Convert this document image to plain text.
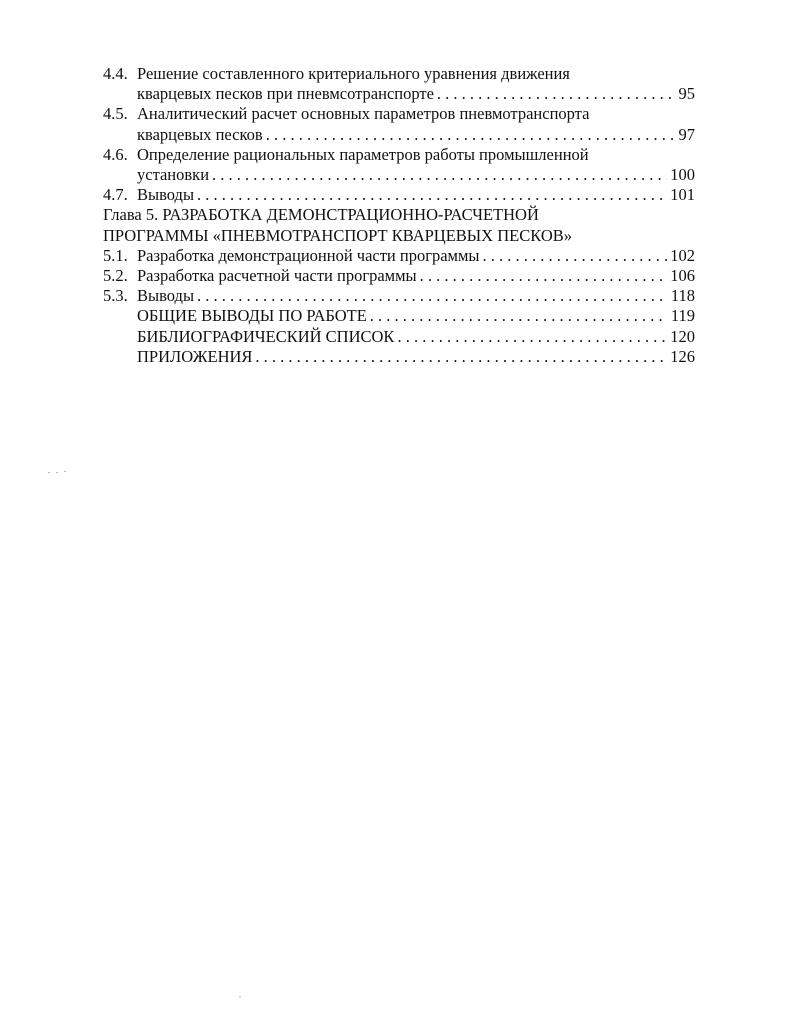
4.4. Решение составленного критериального уравнения движения
кварцевых песков при пневмсотранспорте . . .	95
4.5. Аналитический расчет основных параметров пневмотранспорта
кварцевых песков . . .	97
4.6. Определение рациональных параметров работы промышленной
установки . . .	100
4.7. Выводы . . .	101
Глава 5. РАЗРАБОТКА ДЕМОНСТРАЦИОННО-РАСЧЕТНОЙ
ПРОГРАММЫ «ПНЕВМОТРАНСПОРТ КВАРЦЕВЫХ ПЕСКОВ»
5.1. Разработка демонстрационной части программы . . .	102
5.2. Разработка расчетной части программы . . .	106
5.3. Выводы . . .	118
ОБЩИЕ ВЫВОДЫ ПО РАБОТЕ . . .	119
БИБЛИОГРАФИЧЕСКИЙ СПИСОК . . .	120
ПРИЛОЖЕНИЯ . . .	126
